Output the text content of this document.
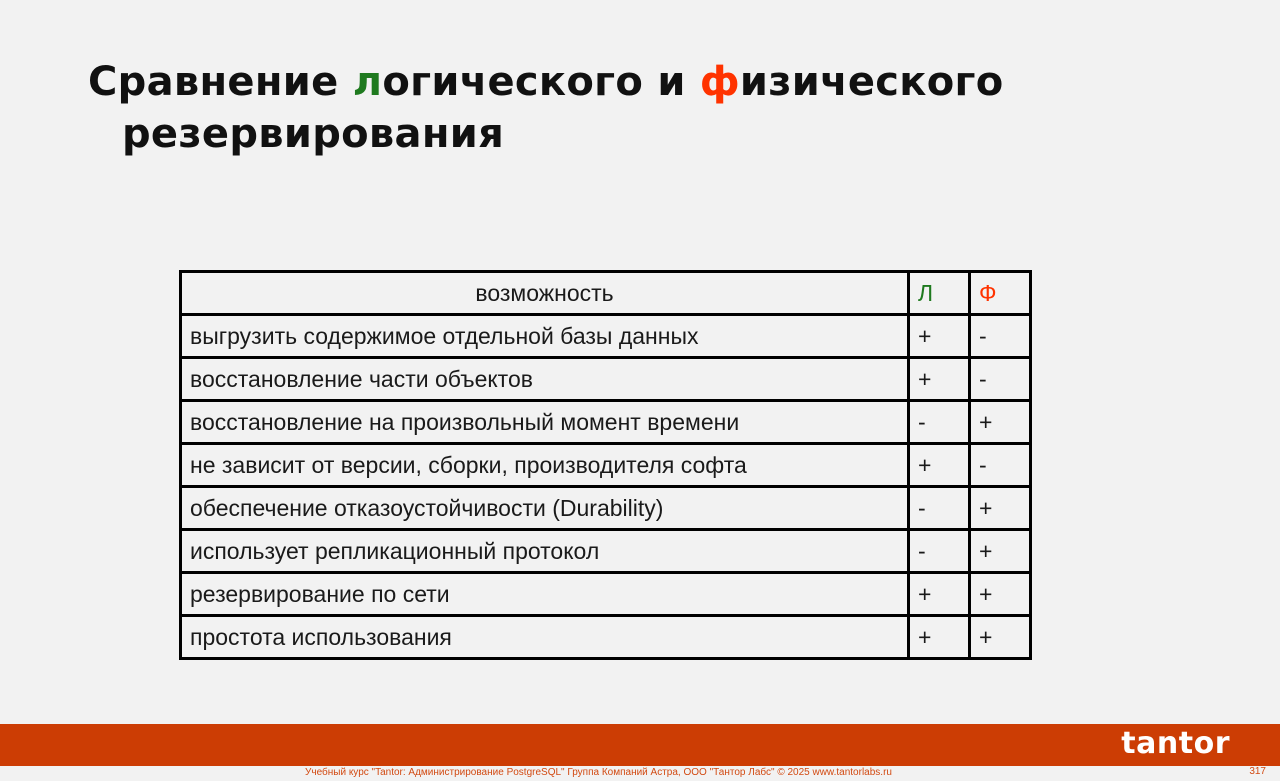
Сравнение логического и физического
резервирования
возможность	Л	Ф
выгрузить содержимое отдельной базы данных	+	-
восстановление части объектов	+	-
восстановление на произвольный момент времени	-	+
не зависит от версии, сборки, производителя софта	+	-
обеспечение отказоустойчивости (Durability)	-	+
использует репликационный протокол	-	+
резервирование по сети	+	+
простота использования	+	+
tantor
Учебный курс "Tantor: Администрирование PostgreSQL" Группа Компаний Астра, ООО "Тантор Лабс" © 2025 www.tantorlabs.ru	317
